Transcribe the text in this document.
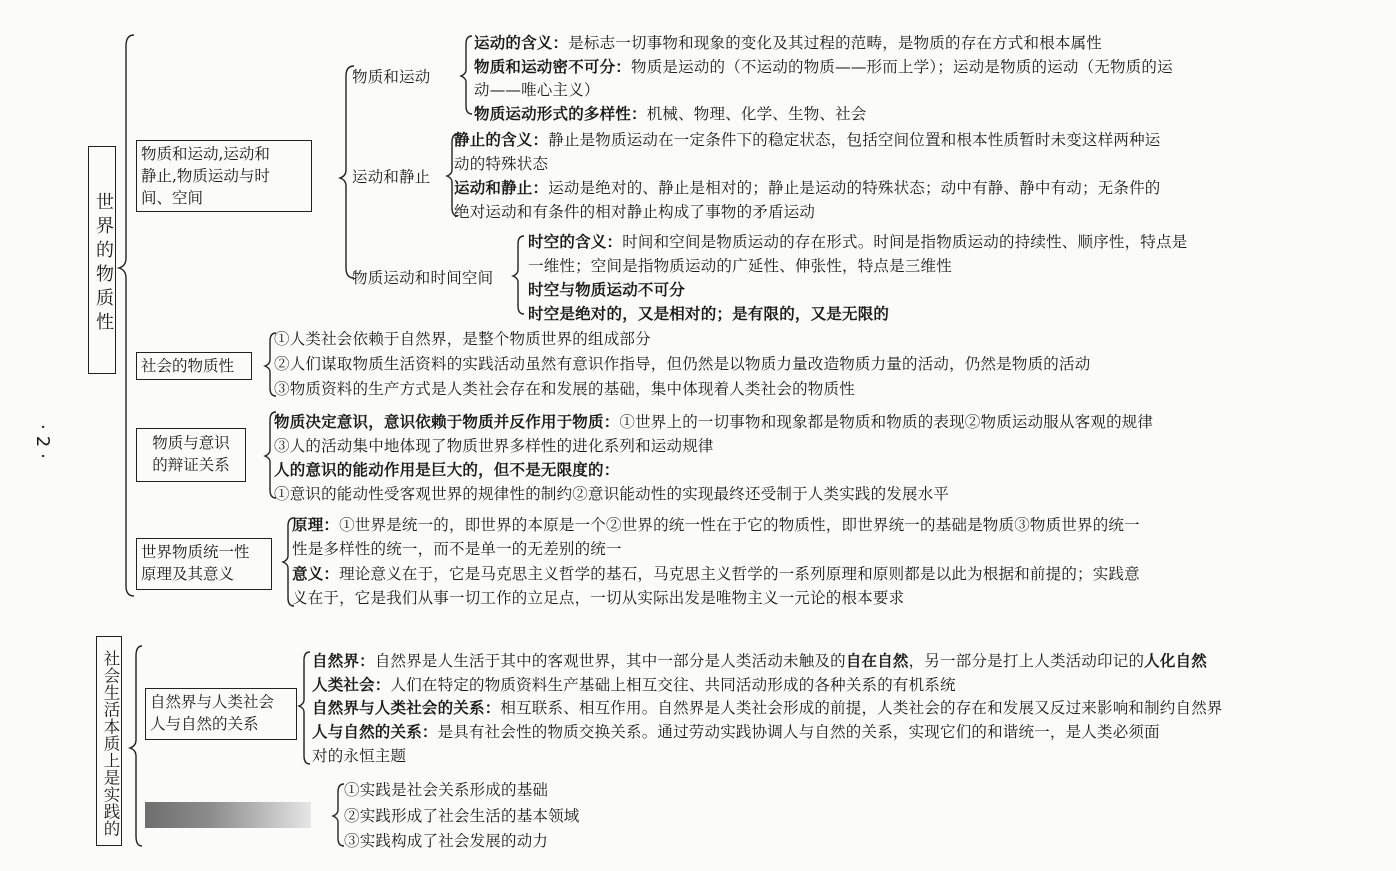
·2·
世界的物质性
物质和运动,运动和
静止,物质运动与时
间、空间
物质和运动
运动和静止
物质运动和时间空间
运动的含义：是标志一切事物和现象的变化及其过程的范畴，是物质的存在方式和根本属性
物质和运动密不可分：物质是运动的（不运动的物质——形而上学）；运动是物质的运动（无物质的运
动——唯心主义）
物质运动形式的多样性：机械、物理、化学、生物、社会
静止的含义：静止是物质运动在一定条件下的稳定状态，包括空间位置和根本性质暂时未变这样两种运
动的特殊状态
运动和静止：运动是绝对的、静止是相对的；静止是运动的特殊状态；动中有静、静中有动；无条件的
绝对运动和有条件的相对静止构成了事物的矛盾运动
时空的含义：时间和空间是物质运动的存在形式。时间是指物质运动的持续性、顺序性，特点是
一维性；空间是指物质运动的广延性、伸张性，特点是三维性
时空与物质运动不可分
时空是绝对的，又是相对的；是有限的，又是无限的
社会的物质性
①人类社会依赖于自然界，是整个物质世界的组成部分
②人们谋取物质生活资料的实践活动虽然有意识作指导，但仍然是以物质力量改造物质力量的活动，仍然是物质的活动
③物质资料的生产方式是人类社会存在和发展的基础，集中体现着人类社会的物质性
物质与意识
的辩证关系
物质决定意识，意识依赖于物质并反作用于物质：①世界上的一切事物和现象都是物质和物质的表现②物质运动服从客观的规律
③人的活动集中地体现了物质世界多样性的进化系列和运动规律
人的意识的能动作用是巨大的，但不是无限度的：
①意识的能动性受客观世界的规律性的制约②意识能动性的实现最终还受制于人类实践的发展水平
世界物质统一性
原理及其意义
原理：①世界是统一的，即世界的本原是一个②世界的统一性在于它的物质性，即世界统一的基础是物质③物质世界的统一
性是多样性的统一，而不是单一的无差别的统一
意义：理论意义在于，它是马克思主义哲学的基石，马克思主义哲学的一系列原理和原则都是以此为根据和前提的；实践意
义在于，它是我们从事一切工作的立足点，一切从实际出发是唯物主义一元论的根本要求
社会生活本质上是实践的 自然界与人类社会
人与自然的关系
自然界：自然界是人生活于其中的客观世界，其中一部分是人类活动未触及的自在自然，另一部分是打上人类活动印记的人化自然
人类社会：人们在特定的物质资料生产基础上相互交往、共同活动形成的各种关系的有机系统
自然界与人类社会的关系：相互联系、相互作用。自然界是人类社会形成的前提，人类社会的存在和发展又反过来影响和制约自然界
人与自然的关系：是具有社会性的物质交换关系。通过劳动实践协调人与自然的关系，实现它们的和谐统一，是人类必须面
对的永恒主题
①实践是社会关系形成的基础
②实践形成了社会生活的基本领域
③实践构成了社会发展的动力
